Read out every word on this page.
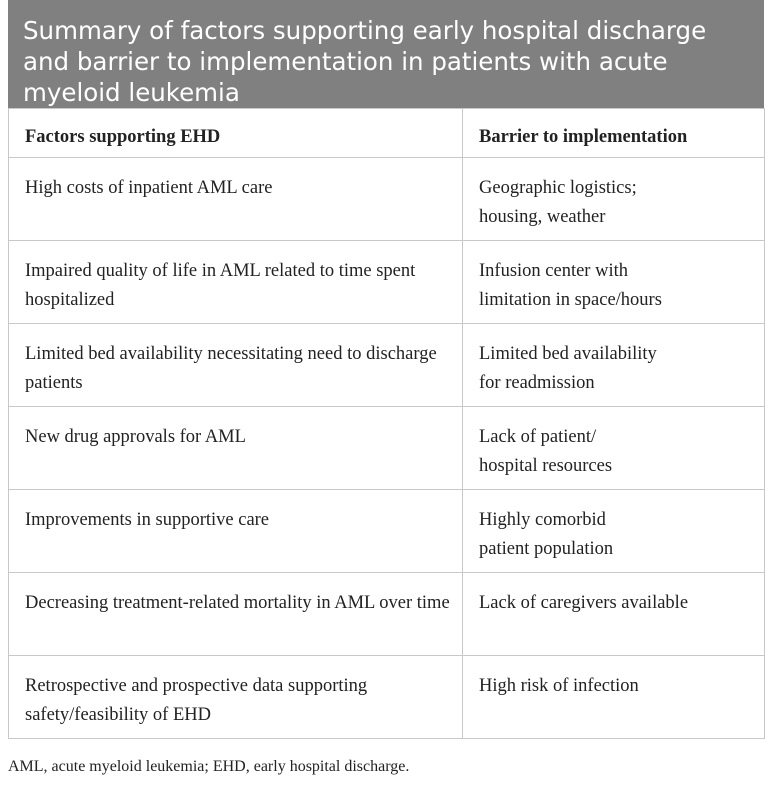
Summary of factors supporting early hospital discharge and barrier to implementation in patients with acute myeloid leukemia
Factors supporting EHD	Barrier to implementation
High costs of inpatient AML care	Geographic logistics;
housing, weather

Impaired quality of life in AML related to time spent hospitalized	Infusion center with
limitation in space/hours

Limited bed availability necessitating need to discharge patients	Limited bed availability
for readmission

New drug approvals for AML	Lack of patient/
hospital resources

Improvements in supportive care	Highly comorbid
patient population

Decreasing treatment-related mortality in AML over time	Lack of caregivers available

Retrospective and prospective data supporting safety/feasibility of EHD	High risk of infection
AML, acute myeloid leukemia; EHD, early hospital discharge.
